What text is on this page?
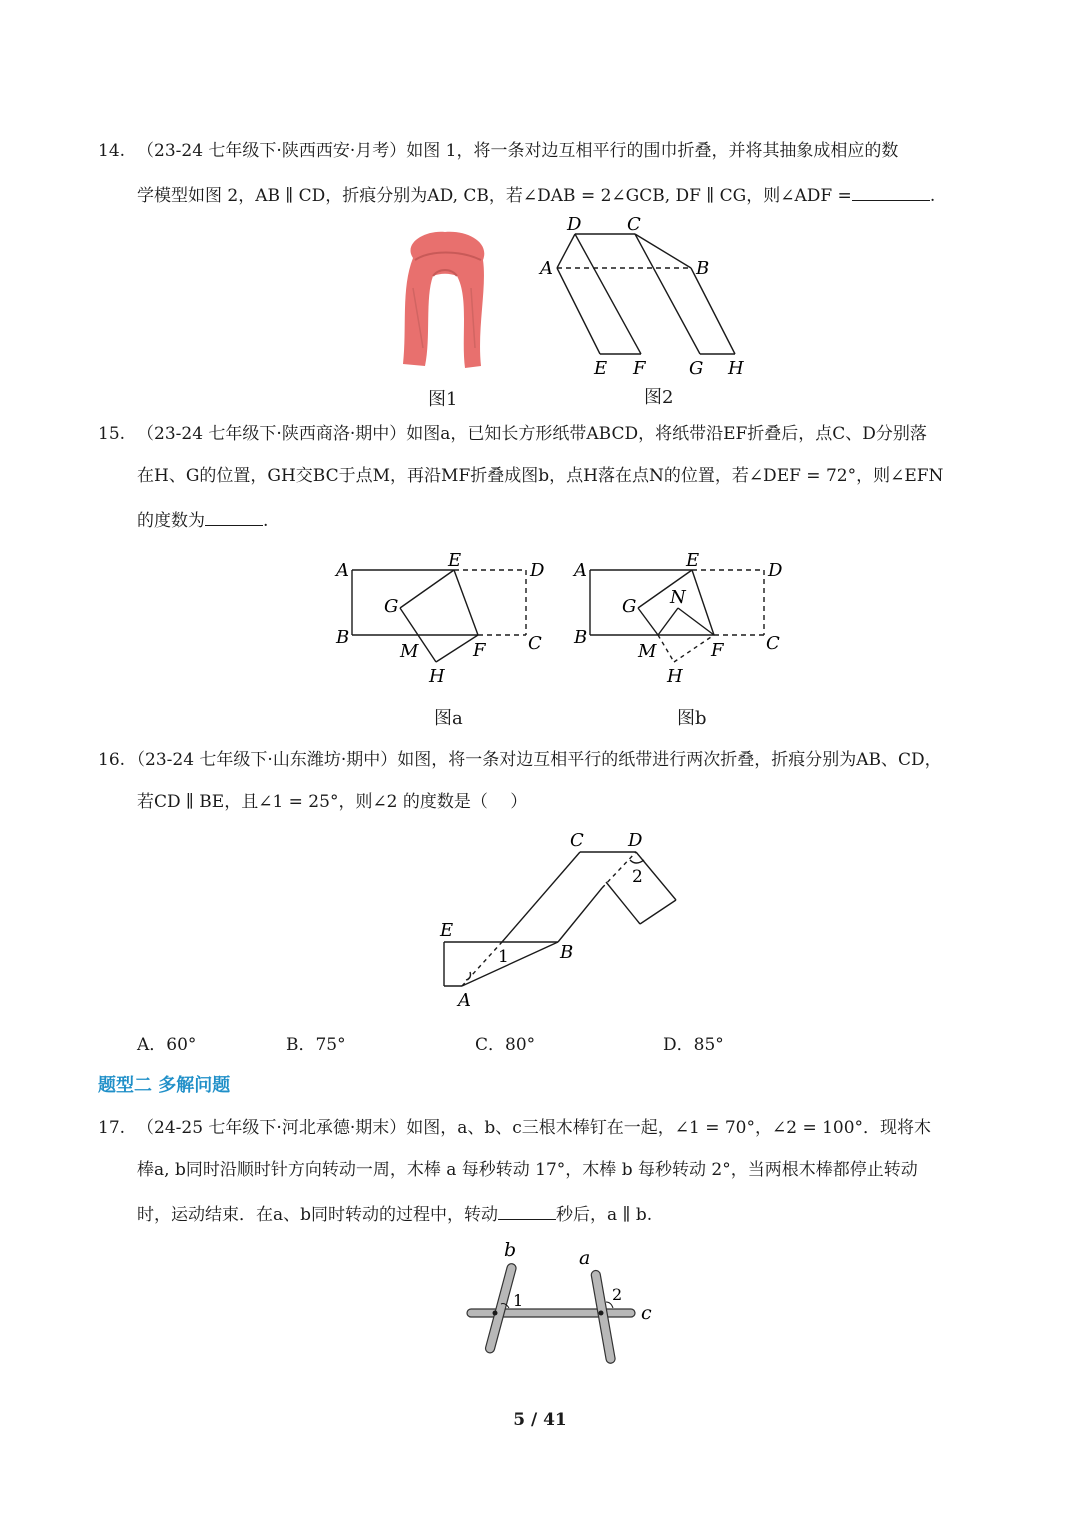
14. （23-24 七年级下·陕西西安·月考）如图 1，将一条对边互相平行的围巾折叠，并将其抽象成相应的数
学模型如图 2，AB ∥ CD，折痕分别为AD, CB，若∠DAB = 2∠GCB, DF ∥ CG，则∠ADF =	.
图1
D	C
A	B
E F G H
图2
15. （23-24 七年级下·陕西商洛·期中）如图a，已知长方形纸带ABCD，将纸带沿EF折叠后，点C、D分别落
在H、G的位置，GH交BC于点M，再沿MF折叠成图b，点H落在点N的位置，若∠DEF = 72°，则∠EFN
的度数为	.
A	E	D
G
B
M	F C
H
图a
A	E	D
G N
B
M	F C
H
图b
16. （23-24 七年级下·山东潍坊·期中）如图，将一条对边互相平行的纸带进行两次折叠，折痕分别为AB、CD，
若CD ∥ BE，且∠1 = 25°，则∠2 的度数是（　 ）
C D
2
E
1	B
A
A．60°	B．75°	C．80°	D．85°
题型二 多解问题
17. （24-25 七年级下·河北承德·期末）如图，a、b、c三根木棒钉在一起，∠1 = 70°，∠2 = 100°．现将木
棒a, b同时沿顺时针方向转动一周，木棒 a 每秒转动 17°，木棒 b 每秒转动 2°，当两根木棒都停止转动
时，运动结束．在a、b同时转动的过程中，转动	秒后，a ∥ b.
b	a
1	2
c
5 / 41
